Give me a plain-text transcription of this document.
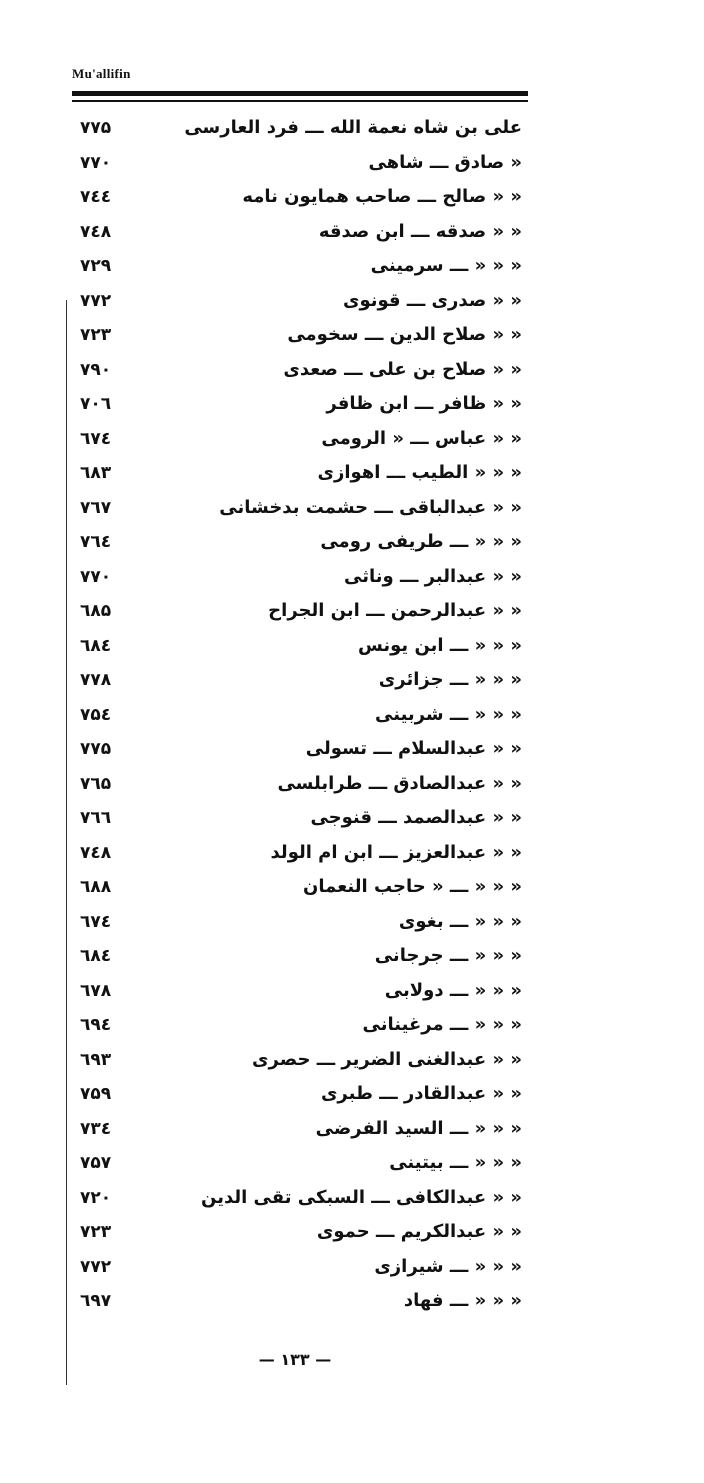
Mu'allifin
۷۷۵	علی بن شاه نعمة الله ـــ فرد العارسی
۷۷۰	« صادق ـــ شاهی
۷٤٤	« « صالح ـــ صاحب همایون نامه
۷٤۸	« « صدقه ـــ ابن صدقه
۷۲۹	« « « ـــ سرمینی
۷۷۲	« « صدری ـــ قونوی
۷۲۳	« « صلاح الدین ـــ سخومی
۷۹۰	« « صلاح بن علی ـــ صعدی
۷۰٦	« « ظافر ـــ ابن ظافر
٦۷٤	« « عباس ـــ « الرومی
٦۸۳	« « « الطیب ـــ اهوازی
۷٦۷	« « عبدالباقی ـــ حشمت بدخشانی
۷٦٤	« « « ـــ طریفی رومی
۷۷۰	« « عبدالبر ـــ وناثی
٦۸۵	« « عبدالرحمن ـــ ابن الجراح
٦۸٤	« « « ـــ ابن یونس
۷۷۸	« « « ـــ جزائری
۷۵٤	« « « ـــ شربینی
۷۷۵	« « عبدالسلام ـــ تسولی
۷٦۵	« « عبدالصادق ـــ طرابلسی
۷٦٦	« « عبدالصمد ـــ قنوجی
۷٤۸	« « عبدالعزیز ـــ ابن ام الولد
٦۸۸	« « « ـــ « حاجب النعمان
٦۷٤	« « « ـــ بغوی
٦۸٤	« « « ـــ جرجانی
٦۷۸	« « « ـــ دولابی
٦۹٤	« « « ـــ مرغینانی
٦۹۳	« « عبدالغنی الضریر ـــ حصری
۷۵۹	« « عبدالقادر ـــ طبری
۷۳٤	« « « ـــ السید الفرضی
۷۵۷	« « « ـــ بیتینی
۷۲۰	« « عبدالکافی ـــ السبکی تقی الدین
۷۲۳	« « عبدالکریم ـــ حموی
۷۷۲	« « « ـــ شیرازی
٦۹۷	« « « ـــ فهاد
— ۱۳۳ —
